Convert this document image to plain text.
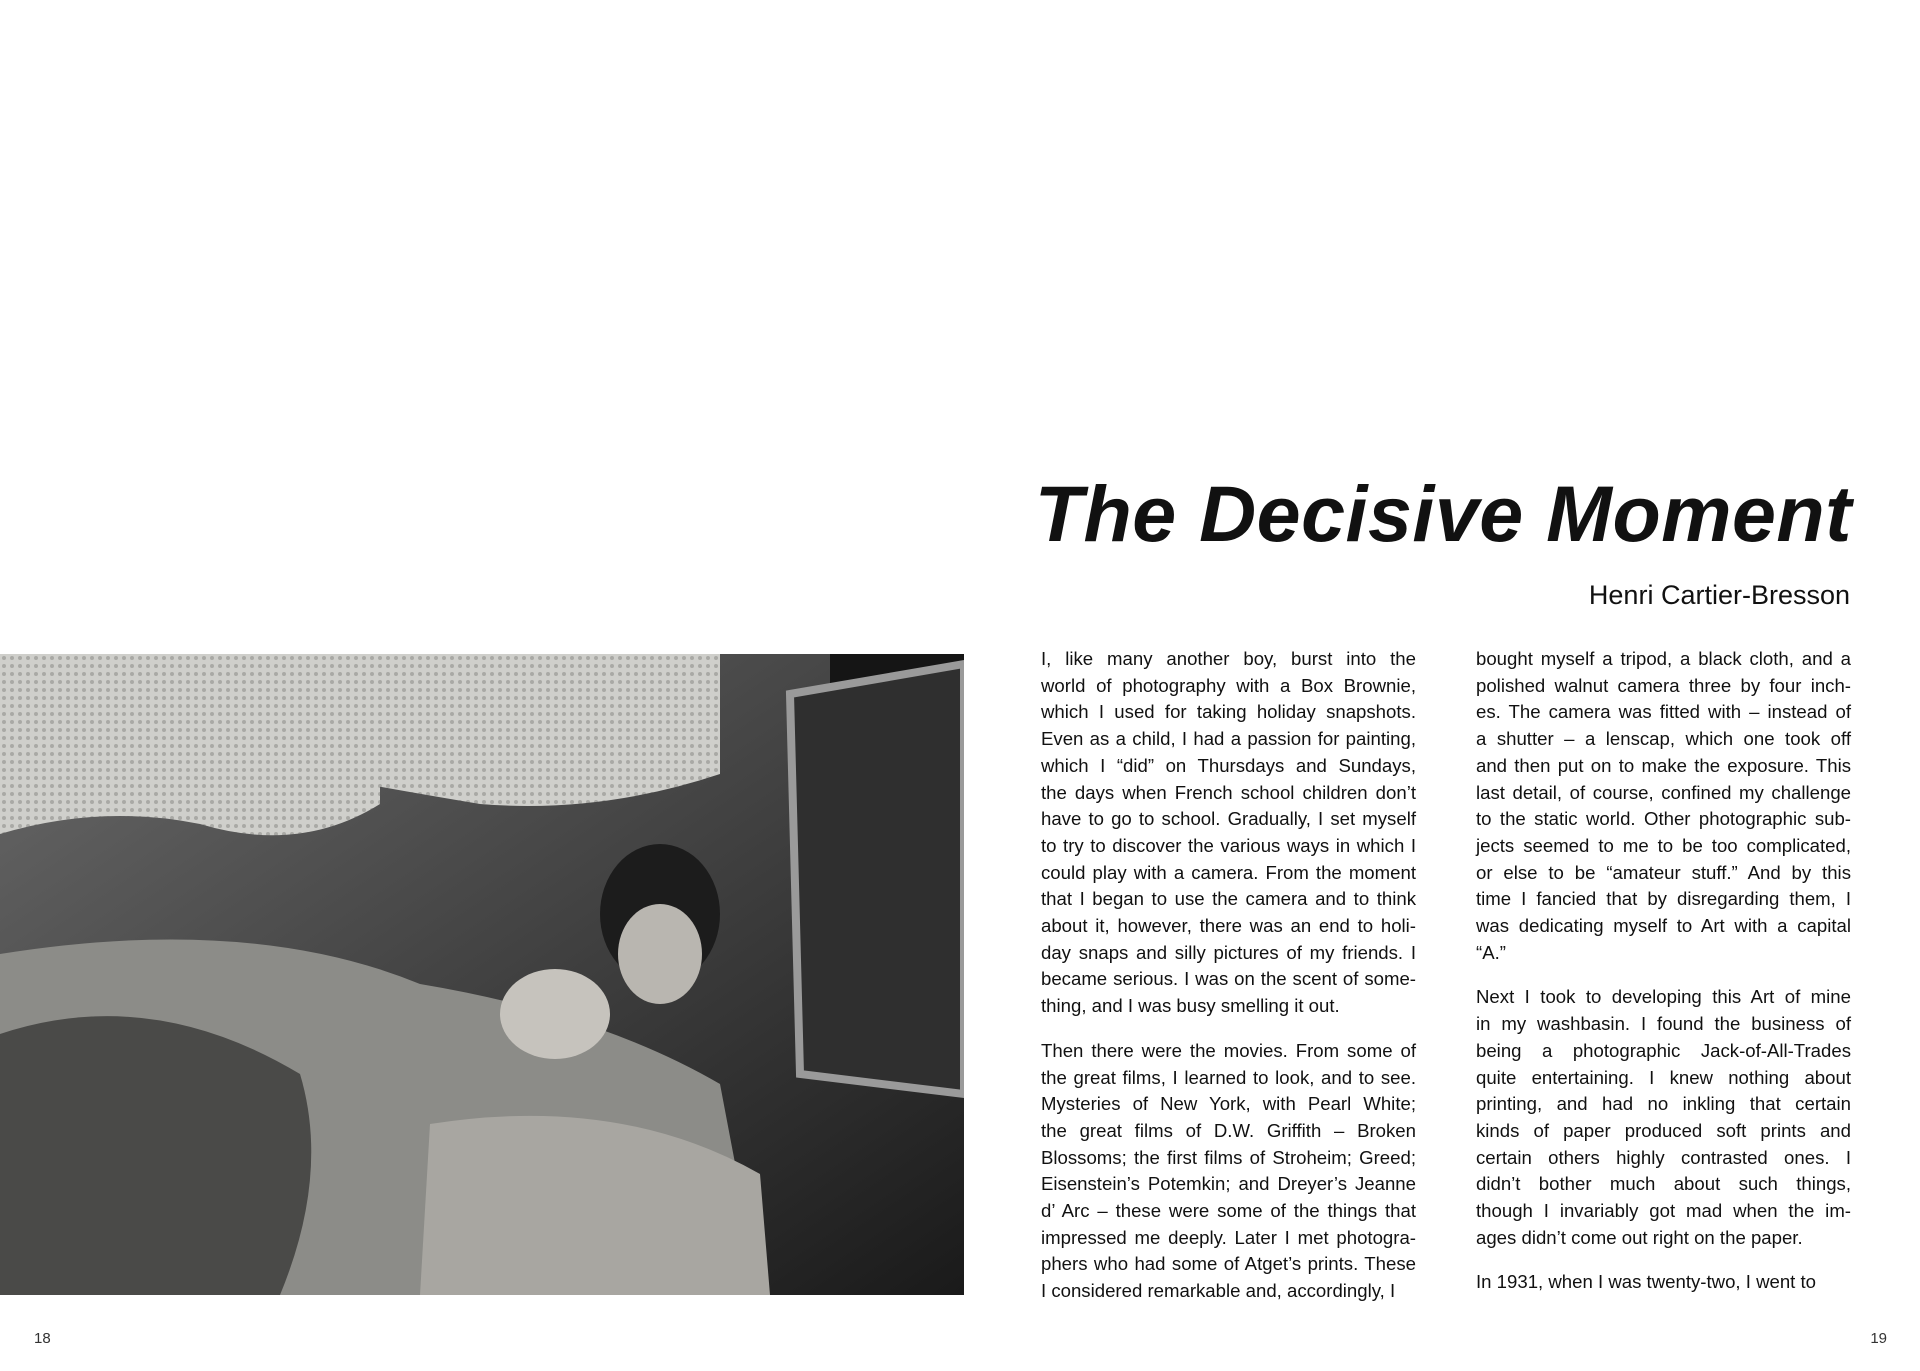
The Decisive Moment
Henri Cartier-Bresson

I, like many another boy, burst into the
world of photography with a Box Brownie,
which I used for taking holiday snapshots.
Even as a child, I had a passion for painting,
which I “did” on Thursdays and Sundays,
the days when French school children don’t
have to go to school. Gradually, I set myself
to try to discover the various ways in which I
could play with a camera. From the moment
that I began to use the camera and to think
about it, however, there was an end to holi-
day snaps and silly pictures of my friends. I
became serious. I was on the scent of some-
thing, and I was busy smelling it out.

Then there were the movies. From some of
the great films, I learned to look, and to see.
Mysteries of New York, with Pearl White;
the great films of D.W. Griffith – Broken
Blossoms; the first films of Stroheim; Greed;
Eisenstein’s Potemkin; and Dreyer’s Jeanne
d’ Arc – these were some of the things that
impressed me deeply. Later I met photogra-
phers who had some of Atget’s prints. These
I considered remarkable and, accordingly, I

bought myself a tripod, a black cloth, and a
polished walnut camera three by four inch-
es. The camera was fitted with – instead of
a shutter – a lenscap, which one took off
and then put on to make the exposure. This
last detail, of course, confined my challenge
to the static world. Other photographic sub-
jects seemed to me to be too complicated,
or else to be “amateur stuff.” And by this
time I fancied that by disregarding them, I
was dedicating myself to Art with a capital
“A.”

Next I took to developing this Art of mine
in my washbasin. I found the business of
being a photographic Jack-of-All-Trades
quite entertaining. I knew nothing about
printing, and had no inkling that certain
kinds of paper produced soft prints and
certain others highly contrasted ones. I
didn’t bother much about such things,
though I invariably got mad when the im-
ages didn’t come out right on the paper.

In 1931, when I was twenty-two, I went to

18	19
